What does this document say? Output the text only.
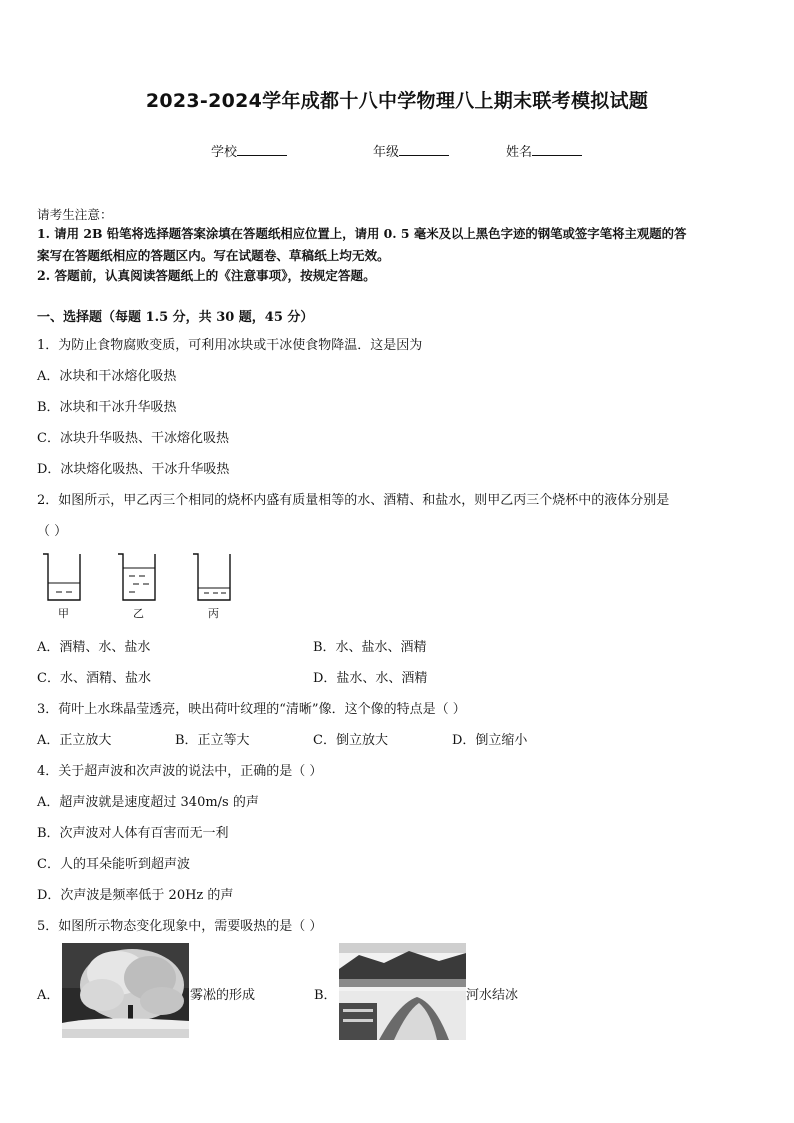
2023-2024学年成都十八中学物理八上期末联考模拟试题
学校	年级	姓名
请考生注意：
1. 请用 2B 铅笔将选择题答案涂填在答题纸相应位置上，请用 0. 5 毫米及以上黑色字迹的钢笔或签字笔将主观题的答
案写在答题纸相应的答题区内。写在试题卷、草稿纸上均无效。
2. 答题前，认真阅读答题纸上的《注意事项》，按规定答题。
一、选择题（每题 1.5 分，共 30 题，45 分）
1．为防止食物腐败变质，可利用冰块或干冰使食物降温．这是因为
A．冰块和干冰熔化吸热
B．冰块和干冰升华吸热
C．冰块升华吸热、干冰熔化吸热
D．冰块熔化吸热、干冰升华吸热
2．如图所示，甲乙丙三个相同的烧杯内盛有质量相等的水、酒精、和盐水，则甲乙丙三个烧杯中的液体分别是
（ ）
甲	乙	丙
A．酒精、水、盐水	B．水、盐水、酒精
C．水、酒精、盐水	D．盐水、水、酒精
3．荷叶上水珠晶莹透亮，映出荷叶纹理的“清晰”像．这个像的特点是（ ）
A．正立放大	B．正立等大	C．倒立放大	D．倒立缩小
4．关于超声波和次声波的说法中，正确的是（ ）
A．超声波就是速度超过 340m/s 的声
B．次声波对人体有百害而无一利
C．人的耳朵能听到超声波
D．次声波是频率低于 20Hz 的声
5．如图所示物态变化现象中，需要吸热的是（ ）
A．	雾凇的形成	B．	河水结冰
